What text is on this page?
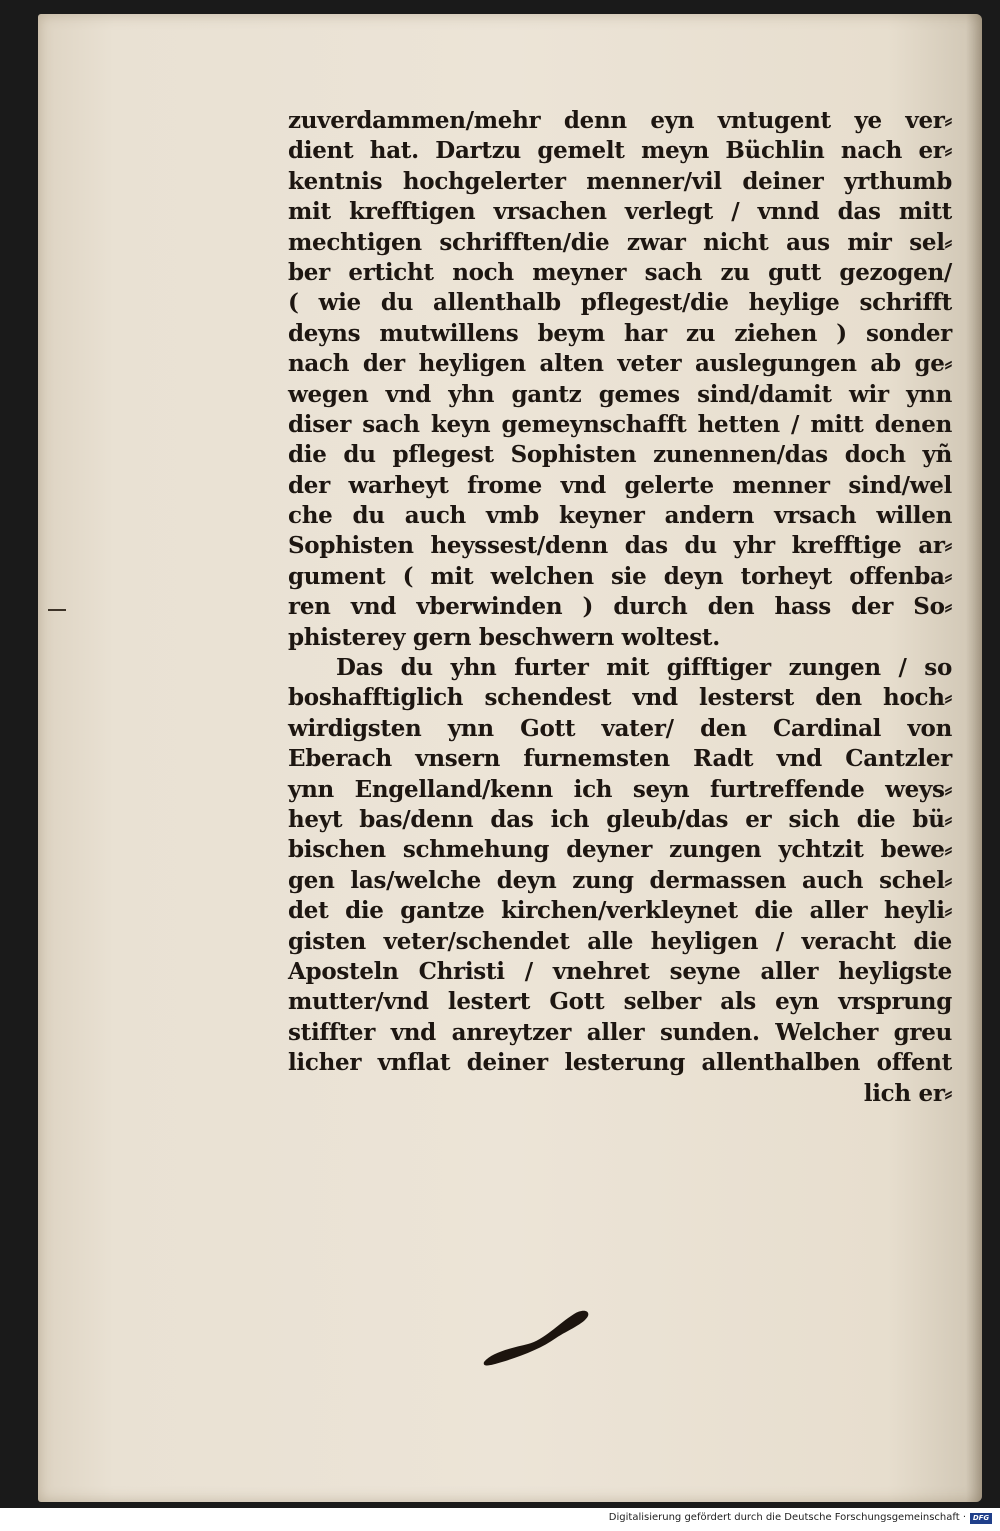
zuverdammen/mehr denn eyn vntugent ye ver⸗
dient hat. Dartzu gemelt meyn Büchlin nach er⸗
kentnis hochgelerter menner/vil deiner yrthumb
mit krefftigen vrsachen verlegt / vnnd das mitt
mechtigen schrifften/die zwar nicht aus mir sel⸗
ber erticht noch meyner sach zu gutt gezogen/
( wie du allenthalb pflegest/die heylige schrifft
deyns mutwillens beym har zu ziehen ) sonder
nach der heyligen alten veter auslegungen ab ge⸗
wegen vnd yhn gantz gemes sind/damit wir ynn
diser sach keyn gemeynschafft hetten / mitt denen
die du pflegest Sophisten zunennen/das doch yñ
der warheyt frome vnd gelerte menner sind/wel
che du auch vmb keyner andern vrsach willen
Sophisten heyssest/denn das du yhr krefftige ar⸗
gument ( mit welchen sie deyn torheyt offenba⸗
ren vnd vberwinden ) durch den hass der So⸗
phisterey gern beschwern woltest.
Das du yhn furter mit gifftiger zungen / so
boshafftiglich schendest vnd lesterst den hoch⸗
wirdigsten ynn Gott vater/ den Cardinal von
Eberach vnsern furnemsten Radt vnd Cantzler
ynn Engelland/kenn ich seyn furtreffende weys⸗
heyt bas/denn das ich gleub/das er sich die bü⸗
bischen schmehung deyner zungen ychtzit bewe⸗
gen las/welche deyn zung dermassen auch schel⸗
det die gantze kirchen/verkleynet die aller heyli⸗
gisten veter/schendet alle heyligen / veracht die
Aposteln Christi / vnehret seyne aller heyligste
mutter/vnd lestert Gott selber als eyn vrsprung
stiffter vnd anreytzer aller sunden. Welcher greu
licher vnflat deiner lesterung allenthalben offent
lich er⸗
Digitalisierung gefördert durch die Deutsche Forschungsgemeinschaft · DFG
